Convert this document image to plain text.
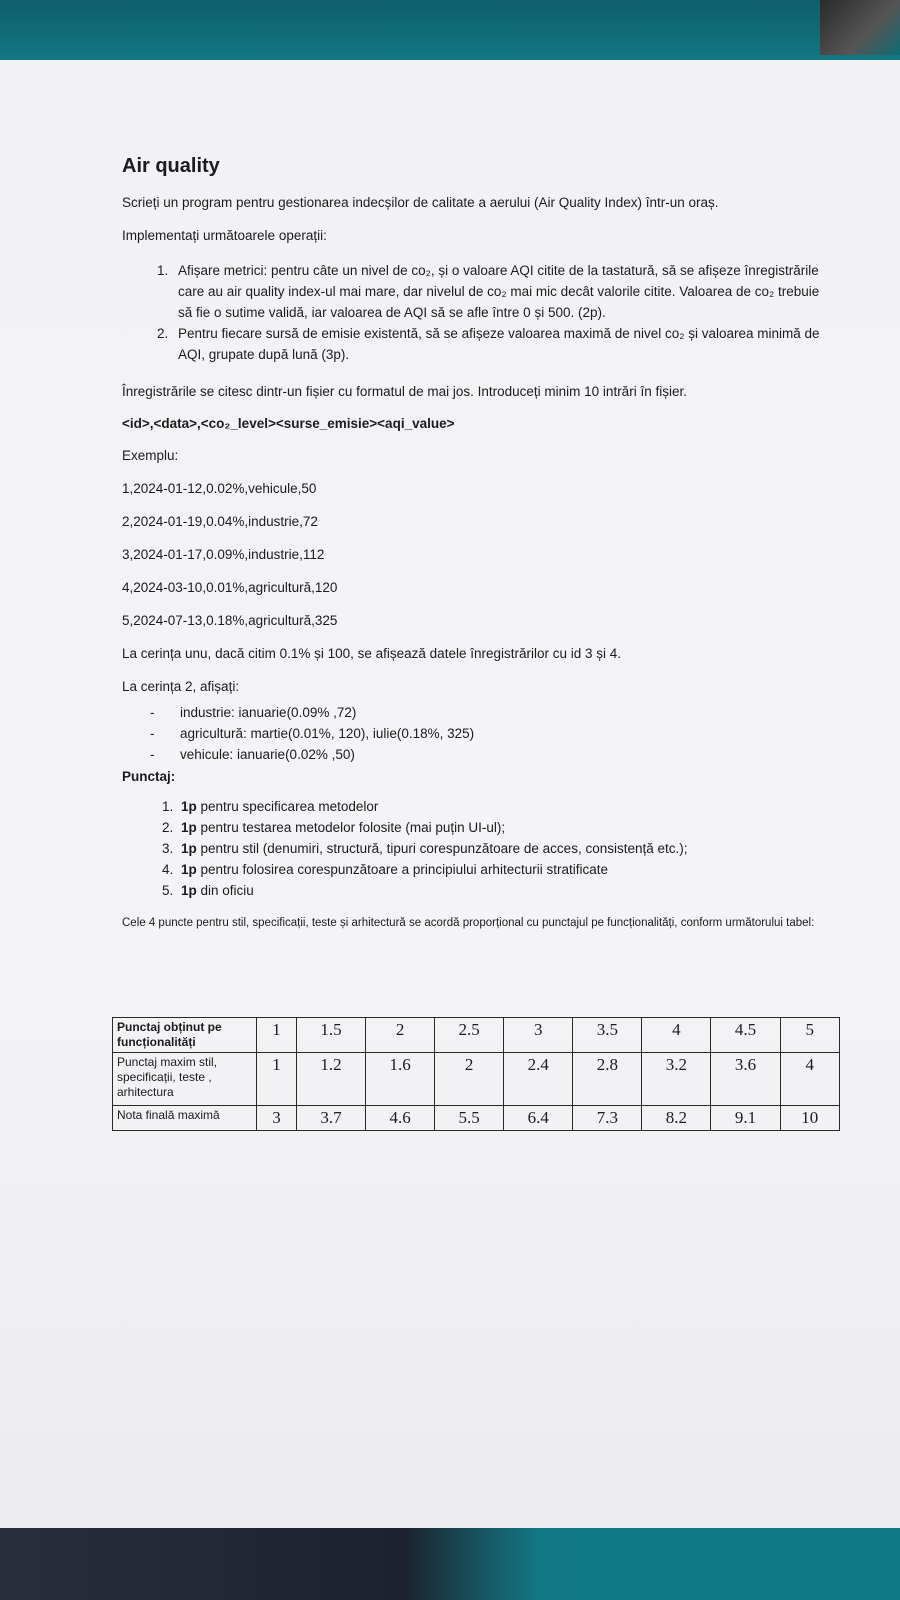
Air quality

Scrieți un program pentru gestionarea indecșilor de calitate a aerului (Air Quality Index) într-un oraș.

Implementați următoarele operații:

1. Afișare metrici: pentru câte un nivel de co₂, și o valoare AQI citite de la tastatură, să se afișeze înregistrările care au air quality index-ul mai mare, dar nivelul de co₂ mai mic decât valorile citite. Valoarea de co₂ trebuie să fie o sutime validă, iar valoarea de AQI să se afle între 0 și 500. (2p).
2. Pentru fiecare sursă de emisie existentă, să se afișeze valoarea maximă de nivel co₂ și valoarea minimă de AQI, grupate după lună (3p).

Înregistrările se citesc dintr-un fișier cu formatul de mai jos. Introduceți minim 10 intrări în fișier.

<id>,<data>,<co₂_level><surse_emisie><aqi_value>

Exemplu:

1,2024-01-12,0.02%,vehicule,50

2,2024-01-19,0.04%,industrie,72

3,2024-01-17,0.09%,industrie,112

4,2024-03-10,0.01%,agricultură,120

5,2024-07-13,0.18%,agricultură,325

La cerința unu, dacă citim 0.1% și 100, se afișează datele înregistrărilor cu id 3 și 4.

La cerința 2, afișați:

- industrie: ianuarie(0.09% ,72)
- agricultură: martie(0.01%, 120), iulie(0.18%, 325)
- vehicule: ianuarie(0.02% ,50)
Punctaj:
1. 1p pentru specificarea metodelor
2. 1p pentru testarea metodelor folosite (mai puțin UI-ul);
3. 1p pentru stil (denumiri, structură, tipuri corespunzătoare de acces, consistență etc.);
4. 1p pentru folosirea corespunzătoare a principiului arhitecturii stratificate
5. 1p din oficiu

Cele 4 puncte pentru stil, specificații, teste și arhitectură se acordă proporțional cu punctajul pe funcționalități, conform următorului tabel:

Punctaj obținut pe funcționalități	1	1.5	2	2.5	3	3.5	4	4.5	5
Punctaj maxim stil, specificații, teste , arhitectura	1	1.2	1.6	2	2.4	2.8	3.2	3.6	4
Nota finală maximă	3	3.7	4.6	5.5	6.4	7.3	8.2	9.1	10
